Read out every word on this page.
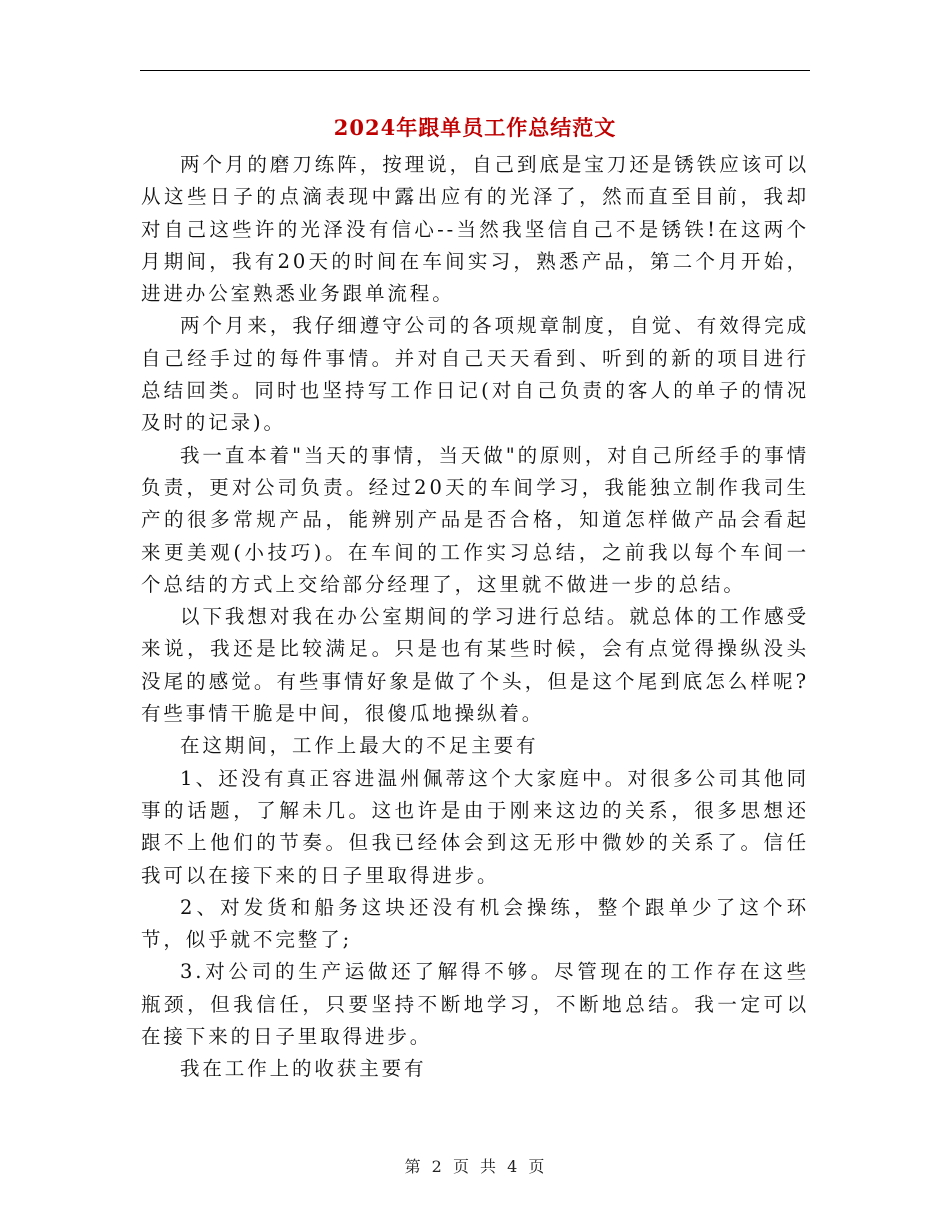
2024年跟单员工作总结范文

两个月的磨刀练阵，按理说，自己到底是宝刀还是锈铁应该可以从这些日子的点滴表现中露出应有的光泽了，然而直至目前，我却对自己这些许的光泽没有信心--当然我坚信自己不是锈铁!在这两个月期间，我有20天的时间在车间实习，熟悉产品，第二个月开始，进进办公室熟悉业务跟单流程。

两个月来，我仔细遵守公司的各项规章制度，自觉、有效得完成自己经手过的每件事情。并对自己天天看到、听到的新的项目进行总结回类。同时也坚持写工作日记(对自己负责的客人的单子的情况及时的记录)。

我一直本着"当天的事情，当天做"的原则，对自己所经手的事情负责，更对公司负责。经过20天的车间学习，我能独立制作我司生产的很多常规产品，能辨别产品是否合格，知道怎样做产品会看起来更美观(小技巧)。在车间的工作实习总结，之前我以每个车间一个总结的方式上交给部分经理了，这里就不做进一步的总结。

以下我想对我在办公室期间的学习进行总结。就总体的工作感受来说，我还是比较满足。只是也有某些时候，会有点觉得操纵没头没尾的感觉。有些事情好象是做了个头，但是这个尾到底怎么样呢?有些事情干脆是中间，很傻瓜地操纵着。

在这期间，工作上最大的不足主要有

1、还没有真正容进温州佩蒂这个大家庭中。对很多公司其他同事的话题，了解未几。这也许是由于刚来这边的关系，很多思想还跟不上他们的节奏。但我已经体会到这无形中微妙的关系了。信任我可以在接下来的日子里取得进步。

2、对发货和船务这块还没有机会操练，整个跟单少了这个环节，似乎就不完整了;

3.对公司的生产运做还了解得不够。尽管现在的工作存在这些瓶颈，但我信任，只要坚持不断地学习，不断地总结。我一定可以在接下来的日子里取得进步。

我在工作上的收获主要有

第 2 页 共 4 页
